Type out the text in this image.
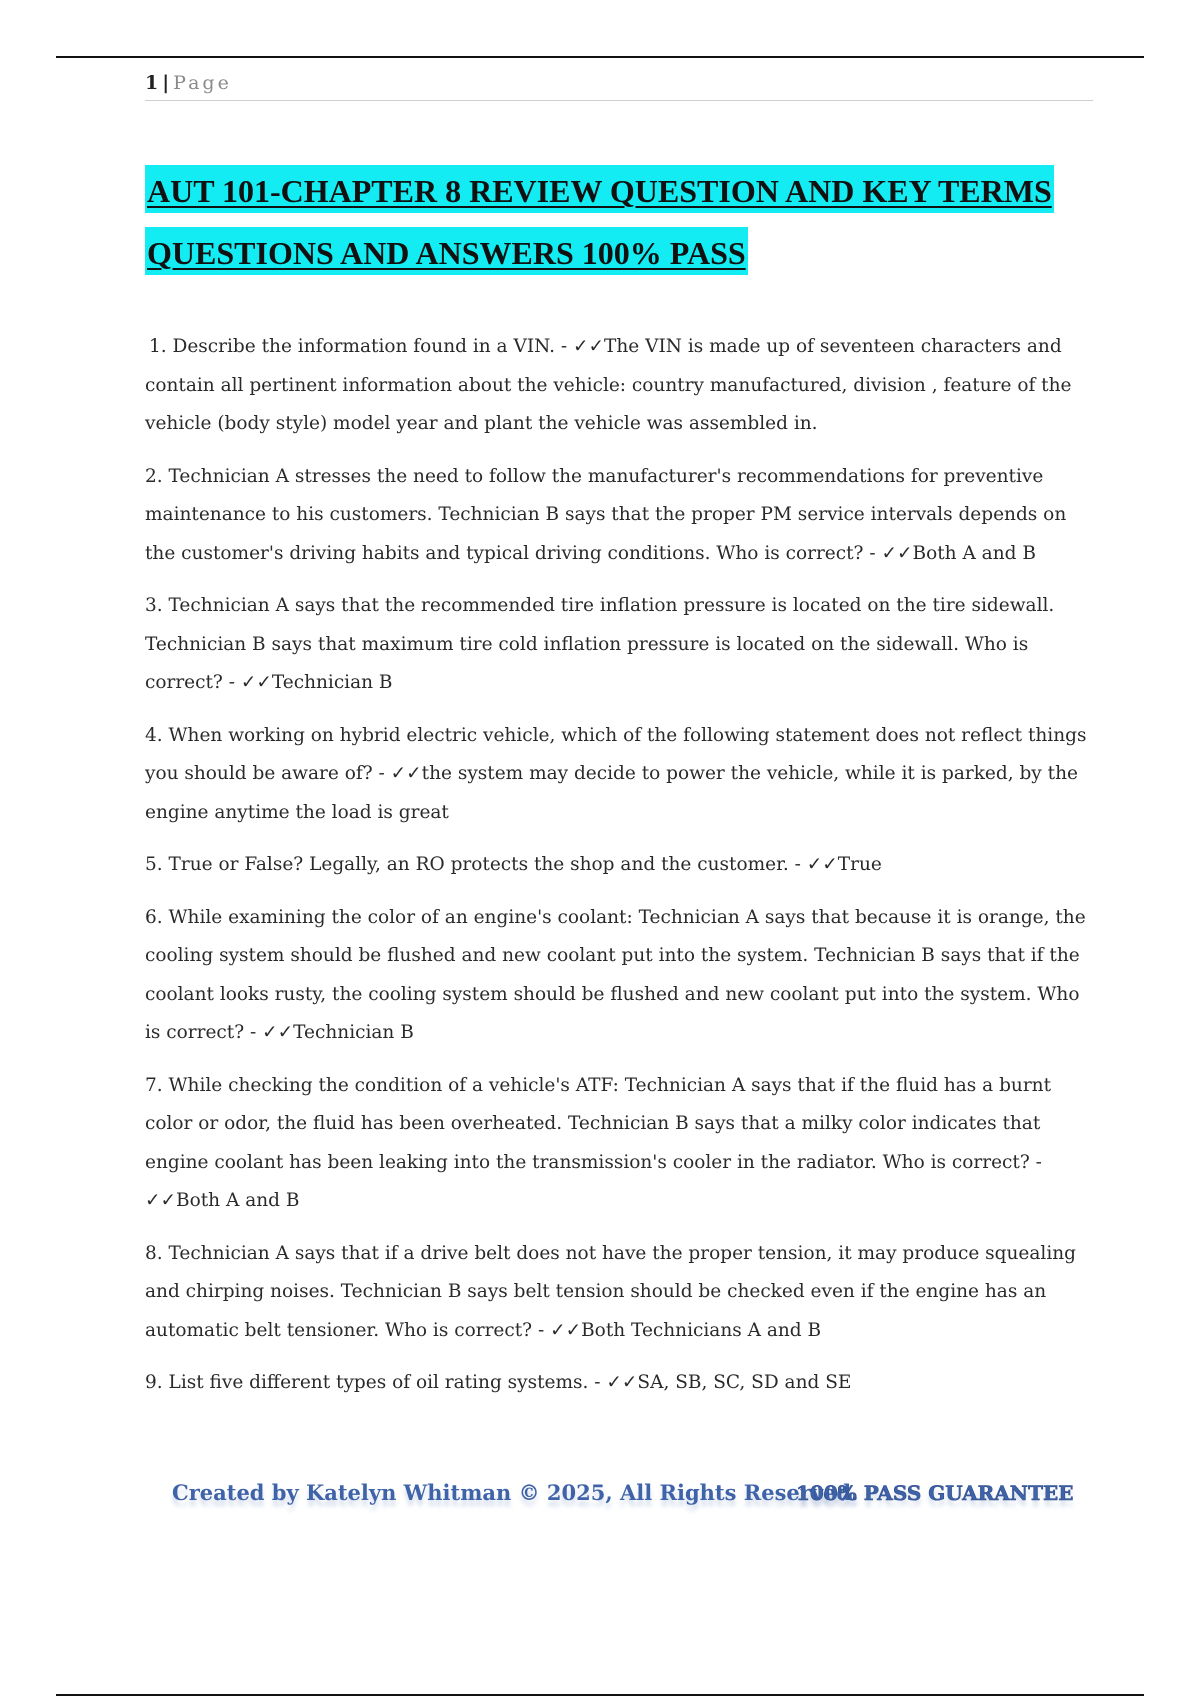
1 | Page
AUT 101-CHAPTER 8 REVIEW QUESTION AND KEY TERMS
QUESTIONS AND ANSWERS 100% PASS

1. Describe the information found in a VIN. - ✓✓The VIN is made up of seventeen characters and contain all pertinent information about the vehicle: country manufactured, division , feature of the vehicle (body style) model year and plant the vehicle was assembled in.

2. Technician A stresses the need to follow the manufacturer's recommendations for preventive maintenance to his customers. Technician B says that the proper PM service intervals depends on the customer's driving habits and typical driving conditions. Who is correct? - ✓✓Both A and B

3. Technician A says that the recommended tire inflation pressure is located on the tire sidewall. Technician B says that maximum tire cold inflation pressure is located on the sidewall. Who is correct? - ✓✓Technician B

4. When working on hybrid electric vehicle, which of the following statement does not reflect things you should be aware of? - ✓✓the system may decide to power the vehicle, while it is parked, by the engine anytime the load is great

5. True or False? Legally, an RO protects the shop and the customer. - ✓✓True

6. While examining the color of an engine's coolant: Technician A says that because it is orange, the cooling system should be flushed and new coolant put into the system. Technician B says that if the coolant looks rusty, the cooling system should be flushed and new coolant put into the system. Who is correct? - ✓✓Technician B

7. While checking the condition of a vehicle's ATF: Technician A says that if the fluid has a burnt color or odor, the fluid has been overheated. Technician B says that a milky color indicates that engine coolant has been leaking into the transmission's cooler in the radiator. Who is correct? - ✓✓Both A and B

8. Technician A says that if a drive belt does not have the proper tension, it may produce squealing and chirping noises. Technician B says belt tension should be checked even if the engine has an automatic belt tensioner. Who is correct? - ✓✓Both Technicians A and B

9. List five different types of oil rating systems. - ✓✓SA, SB, SC, SD and SE

Created by Katelyn Whitman © 2025, All Rights Reserved.
100% PASS GUARANTEE
